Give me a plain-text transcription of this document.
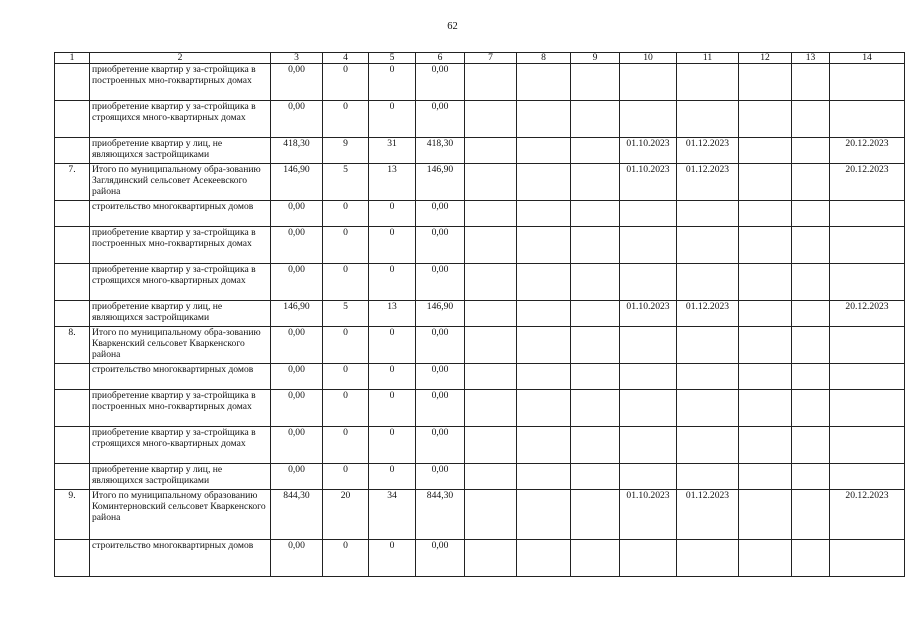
62
1	2	3	4	5	6	7	8	9	10	11	12	13	14
	приобретение квартир у за-стройщика в построенных мно-гоквартирных домах	0,00	0	0	0,00								
	приобретение квартир у за-стройщика в строящихся много-квартирных домах	0,00	0	0	0,00								
	приобретение квартир у лиц, не являющихся застройщиками	418,30	9	31	418,30				01.10.2023	01.12.2023			20.12.2023
7.	Итого по муниципальному обра-зованию Заглядинский сельсовет Асекеевского района	146,90	5	13	146,90				01.10.2023	01.12.2023			20.12.2023
	строительство многоквартирных домов	0,00	0	0	0,00								
	приобретение квартир у за-стройщика в построенных мно-гоквартирных домах	0,00	0	0	0,00								
	приобретение квартир у за-стройщика в строящихся много-квартирных домах	0,00	0	0	0,00								
	приобретение квартир у лиц, не являющихся застройщиками	146,90	5	13	146,90				01.10.2023	01.12.2023			20.12.2023
8.	Итого по муниципальному обра-зованию Кваркенский сельсовет Кваркенского района	0,00	0	0	0,00								
	строительство многоквартирных домов	0,00	0	0	0,00								
	приобретение квартир у за-стройщика в построенных мно-гоквартирных домах	0,00	0	0	0,00								
	приобретение квартир у за-стройщика в строящихся много-квартирных домах	0,00	0	0	0,00								
	приобретение квартир у лиц, не являющихся застройщиками	0,00	0	0	0,00								
9.	Итого по муниципальному образованию Коминтерновский сельсовет Кваркенского района	844,30	20	34	844,30				01.10.2023	01.12.2023			20.12.2023
	строительство многоквартирных домов	0,00	0	0	0,00								
